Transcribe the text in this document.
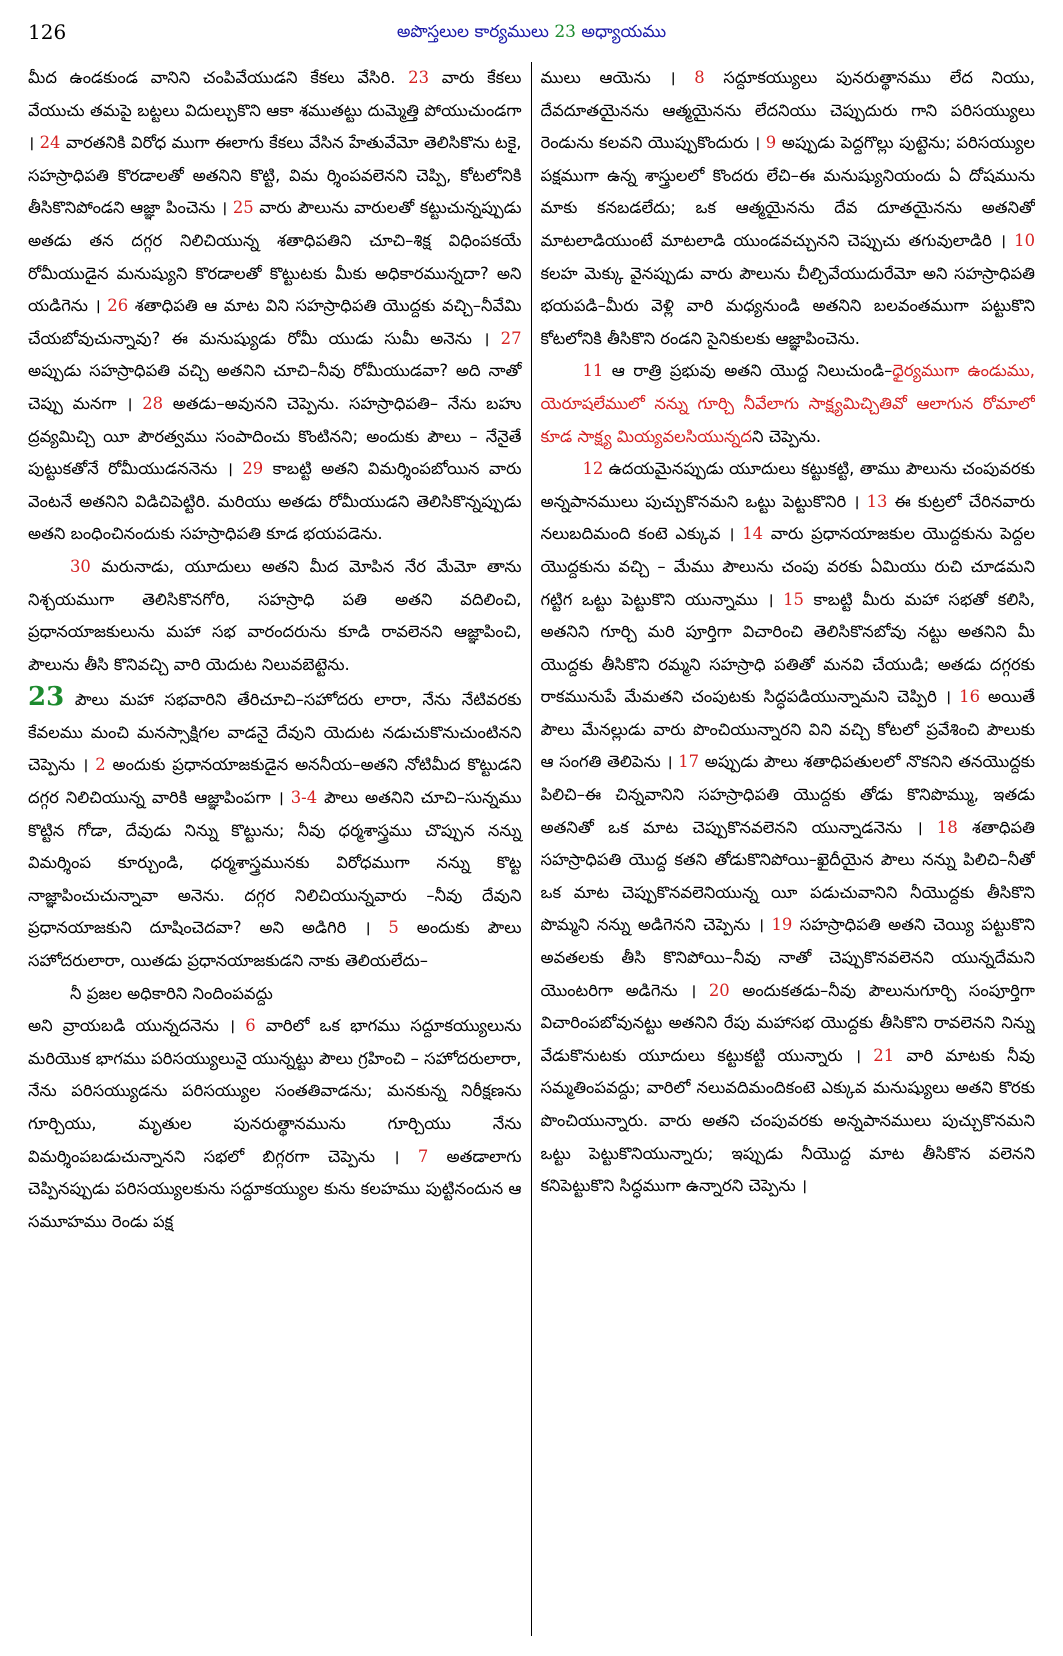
126	అపొస్తలుల కార్యములు 23 అధ్యాయము

మీద ఉండకుండ వానిని చంపివేయుడని కేకలు వేసిరి. 23 వారు కేకలు వేయుచు తమపై బట్టలు విదుల్చుకొని ఆకా శముతట్టు దుమ్మెత్తి పోయుచుండగా । 24 వారతనికి విరోధ ముగా ఈలాగు కేకలు వేసిన హేతువేమో తెలిసికొను టకై, సహస్రాధిపతి కొరడాలతో అతనిని కొట్టి, విమ ర్శింపవలెనని చెప్పి, కోటలోనికి తీసికొనిపోండని ఆజ్ఞా పించెను । 25 వారు పౌలును వారులతో కట్టుచున్నప్పుడు అతడు తన దగ్గర నిలిచియున్న శతాధిపతిని చూచి–శిక్ష విధింపకయే రోమీయుడైన మనుష్యుని కొరడాలతో కొట్టుటకు మీకు అధికారమున్నదా? అని యడిగెను । 26 శతాధిపతి ఆ మాట విని సహస్రాధిపతి యొద్దకు వచ్చి–నీవేమి చేయబోవుచున్నావు? ఈ మనుష్యుడు రోమీ యుడు సుమీ అనెను । 27 అప్పుడు సహస్రాధిపతి వచ్చి అతనిని చూచి–నీవు రోమీయుడవా? అది నాతో చెప్పు మనగా । 28 అతడు–అవునని చెప్పెను. సహస్రాధిపతి– నేను బహు ద్రవ్యమిచ్చి యీ పౌరత్వము సంపాదించు కొంటినని; అందుకు పౌలు – నేనైతే పుట్టుకతోనే రోమీయుడననెను । 29 కాబట్టి అతని విమర్శింపబోయిన వారు వెంటనే అతనిని విడిచిపెట్టిరి. మరియు అతడు రోమీయుడని తెలిసికొన్నప్పుడు అతని బంధించినందుకు సహస్రాధిపతి కూడ భయపడెను.

30 మరునాడు, యూదులు అతని మీద మోపిన నేర మేమో తాను నిశ్చయముగా తెలిసికొనగోరి, సహస్రాధి పతి అతని వదిలించి, ప్రధానయాజకులును మహా సభ వారందరును కూడి రావలెనని ఆజ్ఞాపించి, పౌలును తీసి కొనివచ్చి వారి యెదుట నిలువబెట్టెను.

23 పౌలు మహా సభవారిని తేరిచూచి–సహోదరు లారా, నేను నేటివరకు కేవలము మంచి మనస్సాక్షిగల వాడనై దేవుని యెదుట నడుచుకొనుచుంటినని చెప్పెను । 2 అందుకు ప్రధానయాజకుడైన అననీయ–అతని నోటిమీద కొట్టుడని దగ్గర నిలిచియున్న వారికి ఆజ్ఞాపింపగా । 3-4 పౌలు అతనిని చూచి–సున్నము కొట్టిన గోడా, దేవుడు నిన్ను కొట్టును; నీవు ధర్మశాస్త్రము చొప్పున నన్ను విమర్శింప కూర్చుండి, ధర్మశాస్త్రమునకు విరోధముగా నన్ను కొట్ట నాజ్ఞాపించుచున్నావా అనెను. దగ్గర నిలిచియున్నవారు –నీవు దేవుని ప్రధానయాజకుని దూషించెదవా? అని అడిగిరి । 5 అందుకు పౌలు సహోదరులారా, యితడు ప్రధానయాజకుడని నాకు తెలియలేదు–

నీ ప్రజల అధికారిని నిందింపవద్దు

అని వ్రాయబడి యున్నదనెను । 6 వారిలో ఒక భాగము సద్దూకయ్యులును మరియొక భాగము పరిసయ్యులునై యున్నట్టు పౌలు గ్రహించి – సహోదరులారా, నేను పరిసయ్యుడను పరిసయ్యుల సంతతివాడను; మనకున్న నిరీక్షణను గూర్చియు, మృతుల పునరుత్థానమును గూర్చియు నేను విమర్శింపబడుచున్నానని సభలో బిగ్గరగా చెప్పెను । 7 అతడాలాగు చెప్పినప్పుడు పరిసయ్యులకును సద్దూకయ్యుల కును కలహము పుట్టినందున ఆ సమూహము రెండు పక్ష

ములు ఆయెను । 8 సద్దూకయ్యులు పునరుత్థానము లేద నియు, దేవదూతయైనను ఆత్మయైనను లేదనియు చెప్పుదురు గాని పరిసయ్యులు రెండును కలవని యొప్పుకొందురు । 9 అప్పుడు పెద్దగొల్లు పుట్టెను; పరిసయ్యుల పక్షముగా ఉన్న శాస్త్రులలో కొందరు లేచి–ఈ మనుష్యునియందు ఏ దోషమును మాకు కనబడలేదు; ఒక ఆత్మయైనను దేవ దూతయైనను అతనితో మాటలాడియుంటే మాటలాడి యుండవచ్చునని చెప్పుచు తగువులాడిరి । 10 కలహ మెక్కు వైనప్పుడు వారు పౌలును చీల్చివేయుదురేమో అని సహస్రాధిపతి భయపడి–మీరు వెళ్లి వారి మధ్యనుండి అతనిని బలవంతముగా పట్టుకొని కోటలోనికి తీసికొని రండని సైనికులకు ఆజ్ఞాపించెను.

11 ఆ రాత్రి ప్రభువు అతని యొద్ద నిలుచుండి–ధైర్యముగా ఉండుము, యెరూషలేములో నన్ను గూర్చి నీవేలాగు సాక్ష్యమిచ్చితివో ఆలాగున రోమాలో కూడ సాక్ష్య మియ్యవలసియున్నదని చెప్పెను.

12 ఉదయమైనప్పుడు యూదులు కట్టుకట్టి, తాము పౌలును చంపువరకు అన్నపానములు పుచ్చుకొనమని ఒట్టు పెట్టుకొనిరి । 13 ఈ కుట్రలో చేరినవారు నలుబదిమంది కంటె ఎక్కువ । 14 వారు ప్రధానయాజకుల యొద్దకును పెద్దల యొద్దకును వచ్చి – మేము పౌలును చంపు వరకు ఏమియు రుచి చూడమని గట్టిగ ఒట్టు పెట్టుకొని యున్నాము । 15 కాబట్టి మీరు మహా సభతో కలిసి, అతనిని గూర్చి మరి పూర్తిగా విచారించి తెలిసికొనబోవు నట్టు అతనిని మీ యొద్దకు తీసికొని రమ్మని సహస్రాధి పతితో మనవి చేయుడి; అతడు దగ్గరకు రాకమునుపే మేమతని చంపుటకు సిద్ధపడియున్నామని చెప్పిరి । 16 అయితే పౌలు మేనల్లుడు వారు పొంచియున్నారని విని వచ్చి కోటలో ప్రవేశించి పౌలుకు ఆ సంగతి తెలిపెను । 17 అప్పుడు పౌలు శతాధిపతులలో నొకనిని తనయొద్దకు పిలిచి–ఈ చిన్నవానిని సహస్రాధిపతి యొద్దకు తోడు కొనిపొమ్ము, ఇతడు అతనితో ఒక మాట చెప్పుకొనవలెనని యున్నాడనెను । 18 శతాధిపతి సహస్రాధిపతి యొద్ద కతని తోడుకొనిపోయి–ఖైదీయైన పౌలు నన్ను పిలిచి–నీతో ఒక మాట చెప్పుకొనవలెనియున్న యీ పడుచువానిని నీయొద్దకు తీసికొని పొమ్మని నన్ను అడిగెనని చెప్పెను । 19 సహస్రాధిపతి అతని చెయ్యి పట్టుకొని అవతలకు తీసి కొనిపోయి–నీవు నాతో చెప్పుకొనవలెనని యున్నదేమని యొంటరిగా అడిగెను । 20 అందుకతడు–నీవు పౌలునుగూర్చి సంపూర్తిగా విచారింపబోవునట్టు అతనిని రేపు మహాసభ యొద్దకు తీసికొని రావలెనని నిన్ను వేడుకొనుటకు యూదులు కట్టుకట్టి యున్నారు । 21 వారి మాటకు నీవు సమ్మతింపవద్దు; వారిలో నలువదిమందికంటె ఎక్కువ మనుష్యులు అతని కొరకు పొంచియున్నారు. వారు అతని చంపువరకు అన్నపానములు పుచ్చుకొనమని ఒట్టు పెట్టుకొనియున్నారు; ఇప్పుడు నీయొద్ద మాట తీసికొన వలెనని కనిపెట్టుకొని సిద్ధముగా ఉన్నారని చెప్పెను ।
